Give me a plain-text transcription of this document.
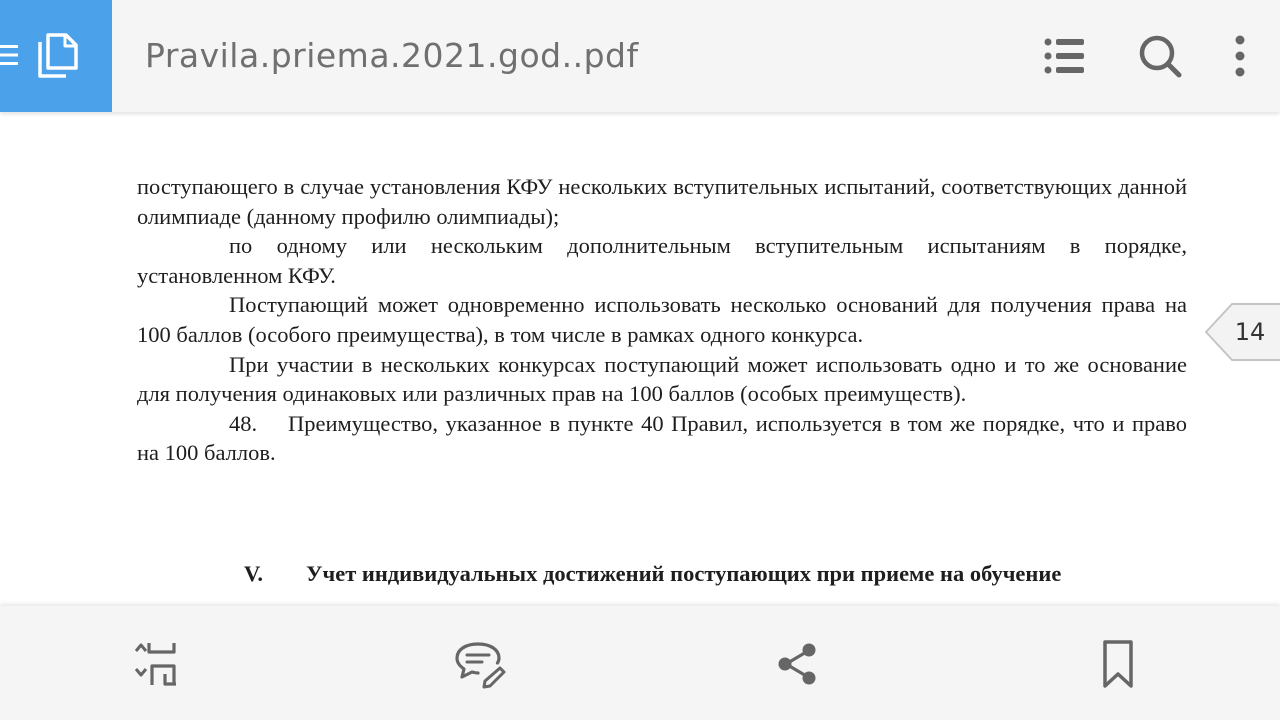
Pravila.priema.2021.god..pdf

поступающего в случае установления КФУ нескольких вступительных испытаний, соответствующих данной олимпиаде (данному профилю олимпиады);

по одному или нескольким дополнительным вступительным испытаниям в порядке, установленном КФУ.

Поступающий может одновременно использовать несколько оснований для получения права на 100 баллов (особого преимущества), в том числе в рамках одного конкурса.

При участии в нескольких конкурсах поступающий может использовать одно и то же основание для получения одинаковых или различных прав на 100 баллов (особых преимуществ).

48. Преимущество, указанное в пункте 40 Правил, используется в том же порядке, что и право на 100 баллов.

V. Учет индивидуальных достижений поступающих при приеме на обучение
14
